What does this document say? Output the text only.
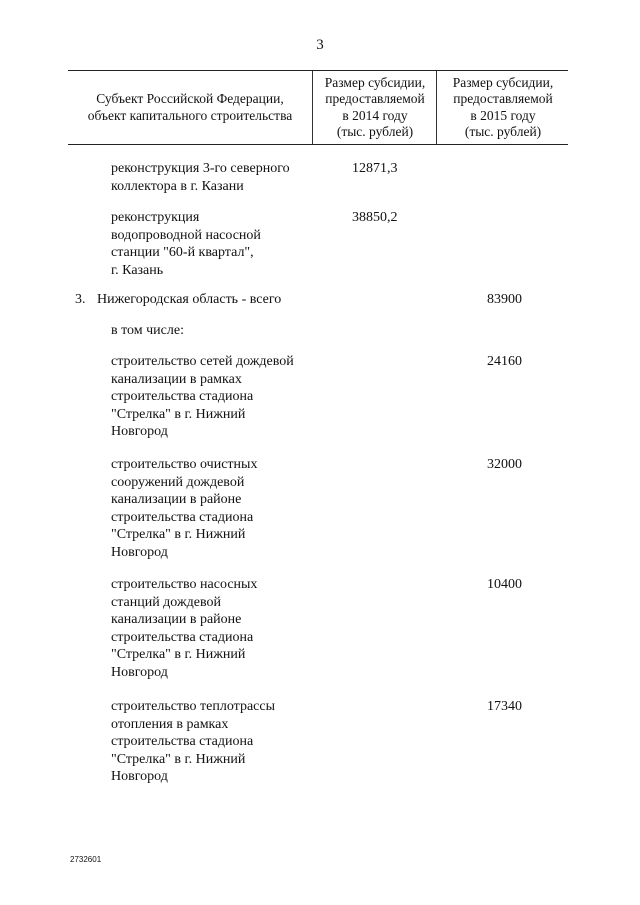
3
Субъект Российской Федерации,
объект капитального строительства
Размер субсидии,
предоставляемой
в 2014 году
(тыс. рублей)
Размер субсидии,
предоставляемой
в 2015 году
(тыс. рублей)
реконструкция 3-го северного
коллектора в г. Казани
12871,3
реконструкция
водопроводной насосной
станции "60-й квартал",
г. Казань
38850,2
3. Нижегородская область - всего	83900
в том числе:
строительство сетей дождевой
канализации в рамках
строительства стадиона
"Стрелка" в г. Нижний
Новгород
24160
строительство очистных
сооружений дождевой
канализации в районе
строительства стадиона
"Стрелка" в г. Нижний
Новгород
32000
строительство насосных
станций дождевой
канализации в районе
строительства стадиона
"Стрелка" в г. Нижний
Новгород
10400
строительство теплотрассы
отопления в рамках
строительства стадиона
"Стрелка" в г. Нижний
Новгород
17340
2732601
